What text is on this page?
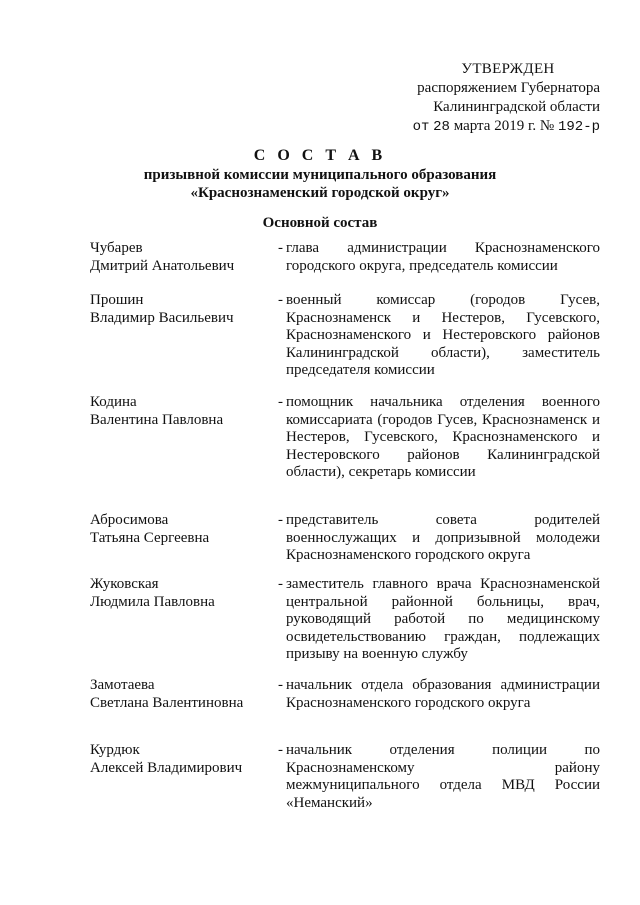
УТВЕРЖДЕН
распоряжением Губернатора
Калининградской области
от 28 марта 2019 г. № 192-р
С О С Т А В
призывной комиссии муниципального образования
«Краснознаменский городской округ»
Основной состав
Чубарев
Дмитрий Анатольевич
- глава администрации Краснознаменского городского округа, председатель комиссии
Прошин
Владимир Васильевич
- военный комиссар (городов Гусев, Краснознаменск и Нестеров, Гусевского, Краснознаменского и Нестеровского районов Калининградской области), заместитель председателя комиссии
Кодина
Валентина Павловна
- помощник начальника отделения военного комиссариата (городов Гусев, Краснознаменск и Нестеров, Гусевского, Краснознаменского и Нестеровского районов Калининградской области), секретарь комиссии
Абросимова
Татьяна Сергеевна
- представитель совета родителей военнослужащих и допризывной молодежи Краснознаменского городского округа
Жуковская
Людмила Павловна
- заместитель главного врача Краснознаменской центральной районной больницы, врач, руководящий работой по медицинскому освидетельствованию граждан, подлежащих призыву на военную службу
Замотаева
Светлана Валентиновна
- начальник отдела образования администрации Краснознаменского городского округа
Курдюк
Алексей Владимирович
- начальник отделения полиции по Краснознаменскому району межмуниципального отдела МВД России «Неманский»
